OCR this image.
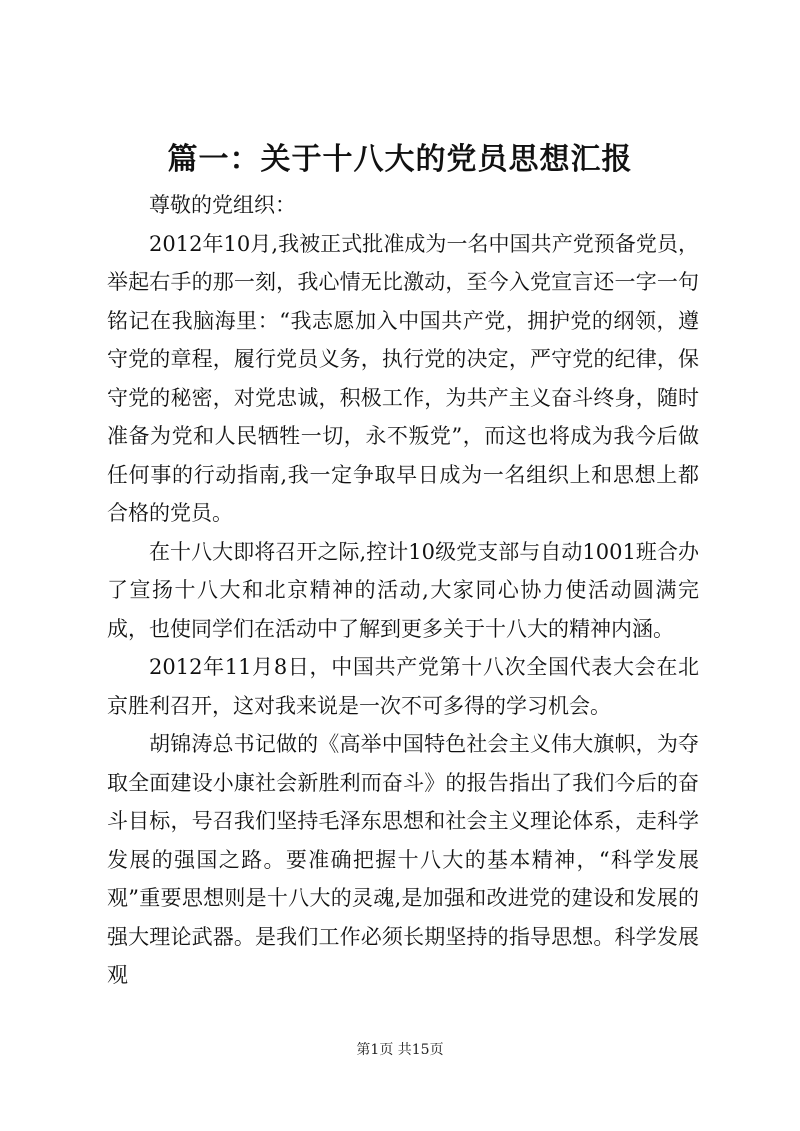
篇一：关于十八大的党员思想汇报

尊敬的党组织：

2012年10月,我被正式批准成为一名中国共产党预备党员，举起右手的那一刻，我心情无比激动，至今入党宣言还一字一句铭记在我脑海里：“我志愿加入中国共产党，拥护党的纲领，遵守党的章程，履行党员义务，执行党的决定，严守党的纪律，保守党的秘密，对党忠诚，积极工作，为共产主义奋斗终身，随时准备为党和人民牺牲一切，永不叛党”，而这也将成为我今后做任何事的行动指南,我一定争取早日成为一名组织上和思想上都合格的党员。

在十八大即将召开之际,控计10级党支部与自动1001班合办了宣扬十八大和北京精神的活动,大家同心协力使活动圆满完成，也使同学们在活动中了解到更多关于十八大的精神内涵。

2012年11月8日，中国共产党第十八次全国代表大会在北京胜利召开，这对我来说是一次不可多得的学习机会。

胡锦涛总书记做的《高举中国特色社会主义伟大旗帜，为夺取全面建设小康社会新胜利而奋斗》的报告指出了我们今后的奋斗目标，号召我们坚持毛泽东思想和社会主义理论体系，走科学发展的强国之路。要准确把握十八大的基本精神，“科学发展观”重要思想则是十八大的灵魂,是加强和改进党的建设和发展的强大理论武器。是我们工作必须长期坚持的指导思想。科学发展观

第1页 共15页
